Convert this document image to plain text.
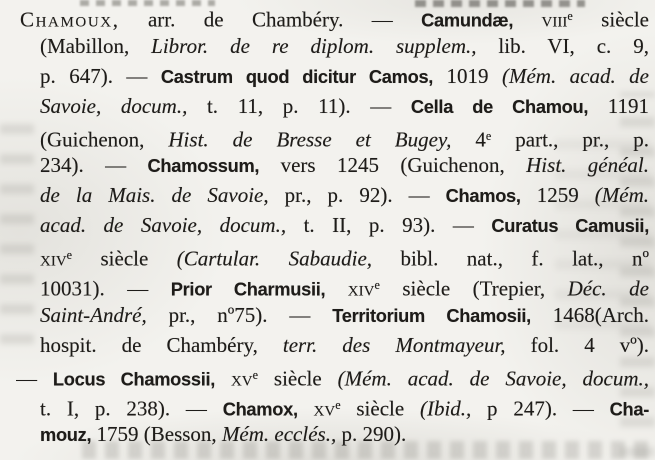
Chamoux, arr. de Chambéry. — Camundæ, viii$^e$ siècle
(Mabillon, Libror. de re diplom. supplem., lib. VI, c. 9,
p. 647). — Castrum quod dicitur Camos, 1019 (Mém. acad. de
Savoie, docum., t. 11, p. 11). — Cella de Chamou, 1191
(Guichenon, Hist. de Bresse et Bugey, 4e part., pr., p.
234). — Chamossum, vers 1245 (Guichenon, Hist. généal.
de la Mais. de Savoie, pr., p. 92). — Chamos, 1259 (Mém.
acad. de Savoie, docum., t. II, p. 93). — Curatus Camusii,
xiv$^e$ siècle (Cartular. Sabaudie, bibl. nat., f. lat., nº
10031). — Prior Charmusii, xiv$^e$ siècle (Trepier, Déc. de
Saint-André, pr., nº75). — Territorium Chamosii, 1468(Arch.
hospit. de Chambéry, terr. des Montmayeur, fol. 4 vº).
— Locus Chamossii, $xv^e$ siècle (Mém. acad. de Savoie, docum.,
t. I, p. 238). — Chamox, $xv^e$ siècle (Ibid., p 247). — Cha-
mouz, 1759 (Besson, Mém. ecclés., p. 290).
